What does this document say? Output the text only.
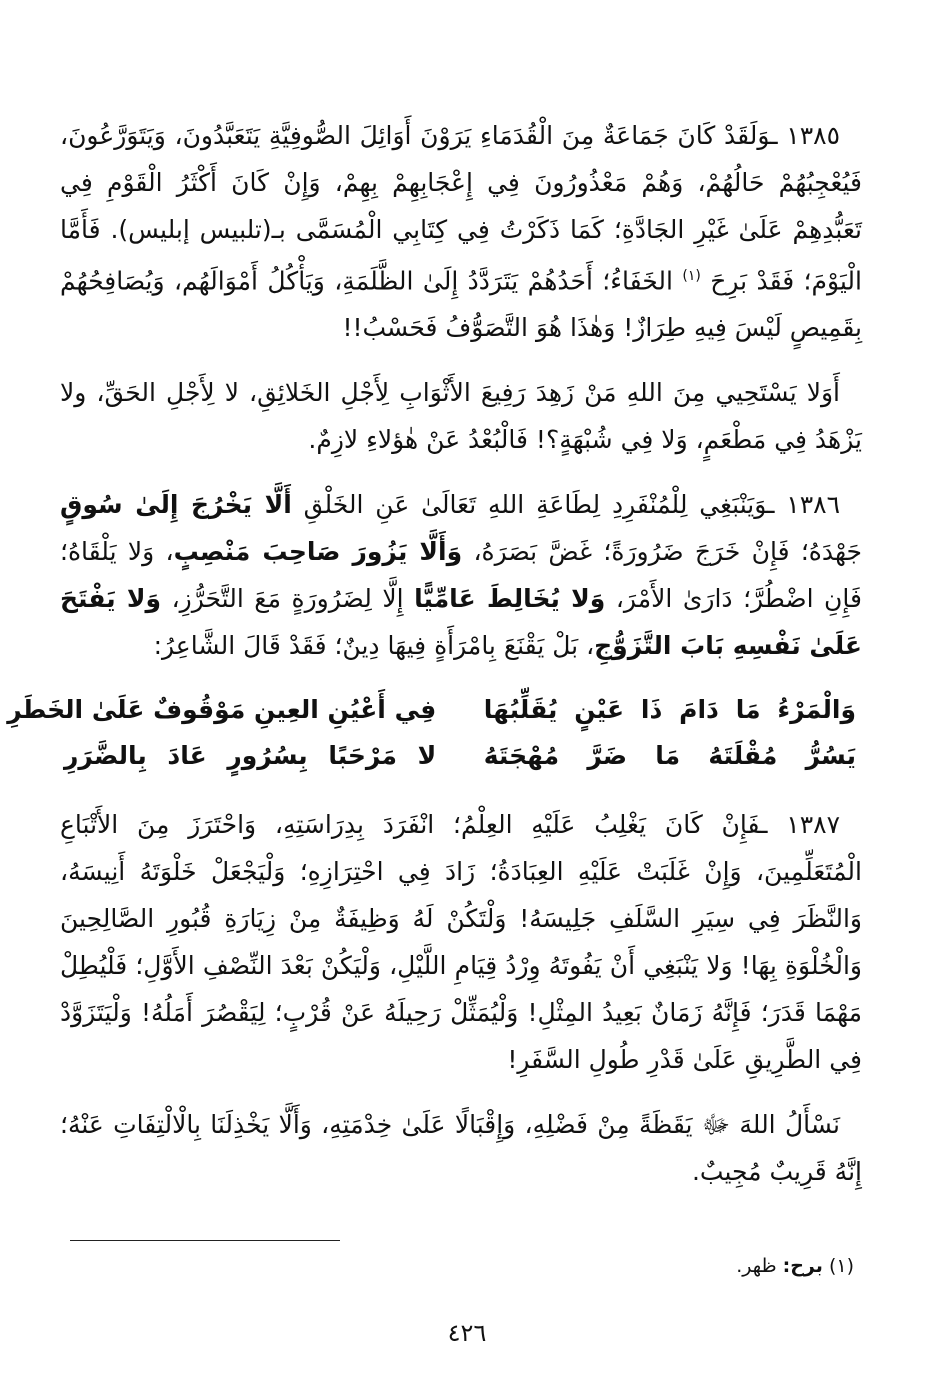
١٣٨٥ ـوَلَقَدْ كَانَ جَمَاعَةٌ مِنَ الْقُدَمَاءِ يَرَوْنَ أَوَائِلَ الصُّوفِيَّةِ يَتَعَبَّدُونَ، وَيَتَوَرَّعُونَ، فَيُعْجِبُهُمْ حَالُهُمْ، وَهُمْ مَعْذُورُونَ فِي إِعْجَابِهِمْ بِهِمْ، وَإِنْ كَانَ أَكْثَرُ الْقَوْمِ فِي تَعَبُّدِهِمْ عَلَىٰ غَيْرِ الجَادَّةِ؛ كَمَا ذَكَرْتُ فِي كِتَابِي الْمُسَمَّى بـ(تلبيس إبليس). فَأَمَّا الْيَوْمَ؛ فَقَدْ بَرِحَ $^{(١)}$ الخَفَاءُ؛ أَحَدُهُمْ يَتَرَدَّدُ إِلَىٰ الظَّلَمَةِ، وَيَأْكُلُ أَمْوَالَهُم، وَيُصَافِحُهُمْ بِقَمِيصٍ لَيْسَ فِيهِ طِرَازٌ! وَهٰذَا هُوَ التَّصَوُّفُ فَحَسْبُ!!

أَوَلا يَسْتَحِيي مِنَ اللهِ مَنْ زَهِدَ رَفِيعَ الأَثْوَابِ لِأَجْلِ الخَلائِقِ، لا لِأَجْلِ الحَقِّ، ولا يَزْهَدُ فِي مَطْعَمٍ، وَلا فِي شُبْهَةٍ؟! فَالْبُعْدُ عَنْ هٰؤلاءِ لازِمٌ.

١٣٨٦ ـوَيَنْبَغِي لِلْمُنْفَرِدِ لِطَاعَةِ اللهِ تَعَالَىٰ عَنِ الخَلْقِ أَلَّا يَخْرُجَ إِلَىٰ سُوقٍ جَهْدَهُ؛ فَإِنْ خَرَجَ ضَرُورَةً؛ غَضَّ بَصَرَهُ، وَأَلَّا يَزُورَ صَاحِبَ مَنْصِبٍ، وَلا يَلْقَاهُ؛ فَإِنِ اضْطُرَّ؛ دَارَىٰ الأَمْرَ، وَلا يُخَالِطَ عَامِّيًّا إِلَّا لِضَرُورَةٍ مَعَ التَّحَرُّزِ، وَلا يَفْتَحَ عَلَىٰ نَفْسِهِ بَابَ التَّزَوُّجِ، بَلْ يَقْنَعَ بِامْرَأَةٍ فِيهَا دِينٌ؛ فَقَدْ قَالَ الشَّاعِرُ:

وَالْمَرْءُ مَا دَامَ ذَا عَيْنٍ يُقَلِّبُهَا
فِي أَعْيُنِ العِينِ مَوْقُوفٌ عَلَىٰ الخَطَرِ
يَسُرُّ مُقْلَتَهُ مَا ضَرَّ مُهْجَتَهُ
لا مَرْحَبًا بِسُرُورٍ عَادَ بِالضَّرَرِ

١٣٨٧ ـفَإِنْ كَانَ يَغْلِبُ عَلَيْهِ العِلْمُ؛ انْفَرَدَ بِدِرَاسَتِهِ، وَاحْتَرَزَ مِنَ الأَتْبَاعِ الْمُتَعَلِّمِينَ، وَإِنْ غَلَبَتْ عَلَيْهِ العِبَادَةُ؛ زَادَ فِي احْتِرَازِهِ؛ وَلْيَجْعَلْ خَلْوَتَهُ أَنِيسَهُ، وَالنَّظَرَ فِي سِيَرِ السَّلَفِ جَلِيسَهُ! وَلْتَكُنْ لَهُ وَظِيفَةٌ مِنْ زِيَارَةِ قُبُورِ الصَّالِحِينَ وَالْخُلْوَةِ بِهَا! وَلا يَنْبَغِي أَنْ يَفُوتَهُ وِرْدُ قِيَامِ اللَّيْلِ، وَلْيَكُنْ بَعْدَ النِّصْفِ الأَوَّلِ؛ فَلْيُطِلْ مَهْمَا قَدَرَ؛ فَإِنَّهُ زَمَانٌ بَعِيدُ المِثْلِ! وَلْيُمَثِّلْ رَحِيلَهُ عَنْ قُرْبٍ؛ لِيَقْصُرَ أَمَلُهُ! وَلْيَتَزَوَّدْ فِي الطَّرِيقِ عَلَىٰ قَدْرِ طُولِ السَّفَرِ!

نَسْأَلُ اللهَ ﷻ يَقَظَةً مِنْ فَضْلِهِ، وَإِقْبَالًا عَلَىٰ خِدْمَتِهِ، وَأَلَّا يَخْذِلَنَا بِالْالْتِفَاتِ عَنْهُ؛ إِنَّهُ قَرِيبٌ مُجِيبٌ.

(١) برح: ظهر.
٤٢٦
